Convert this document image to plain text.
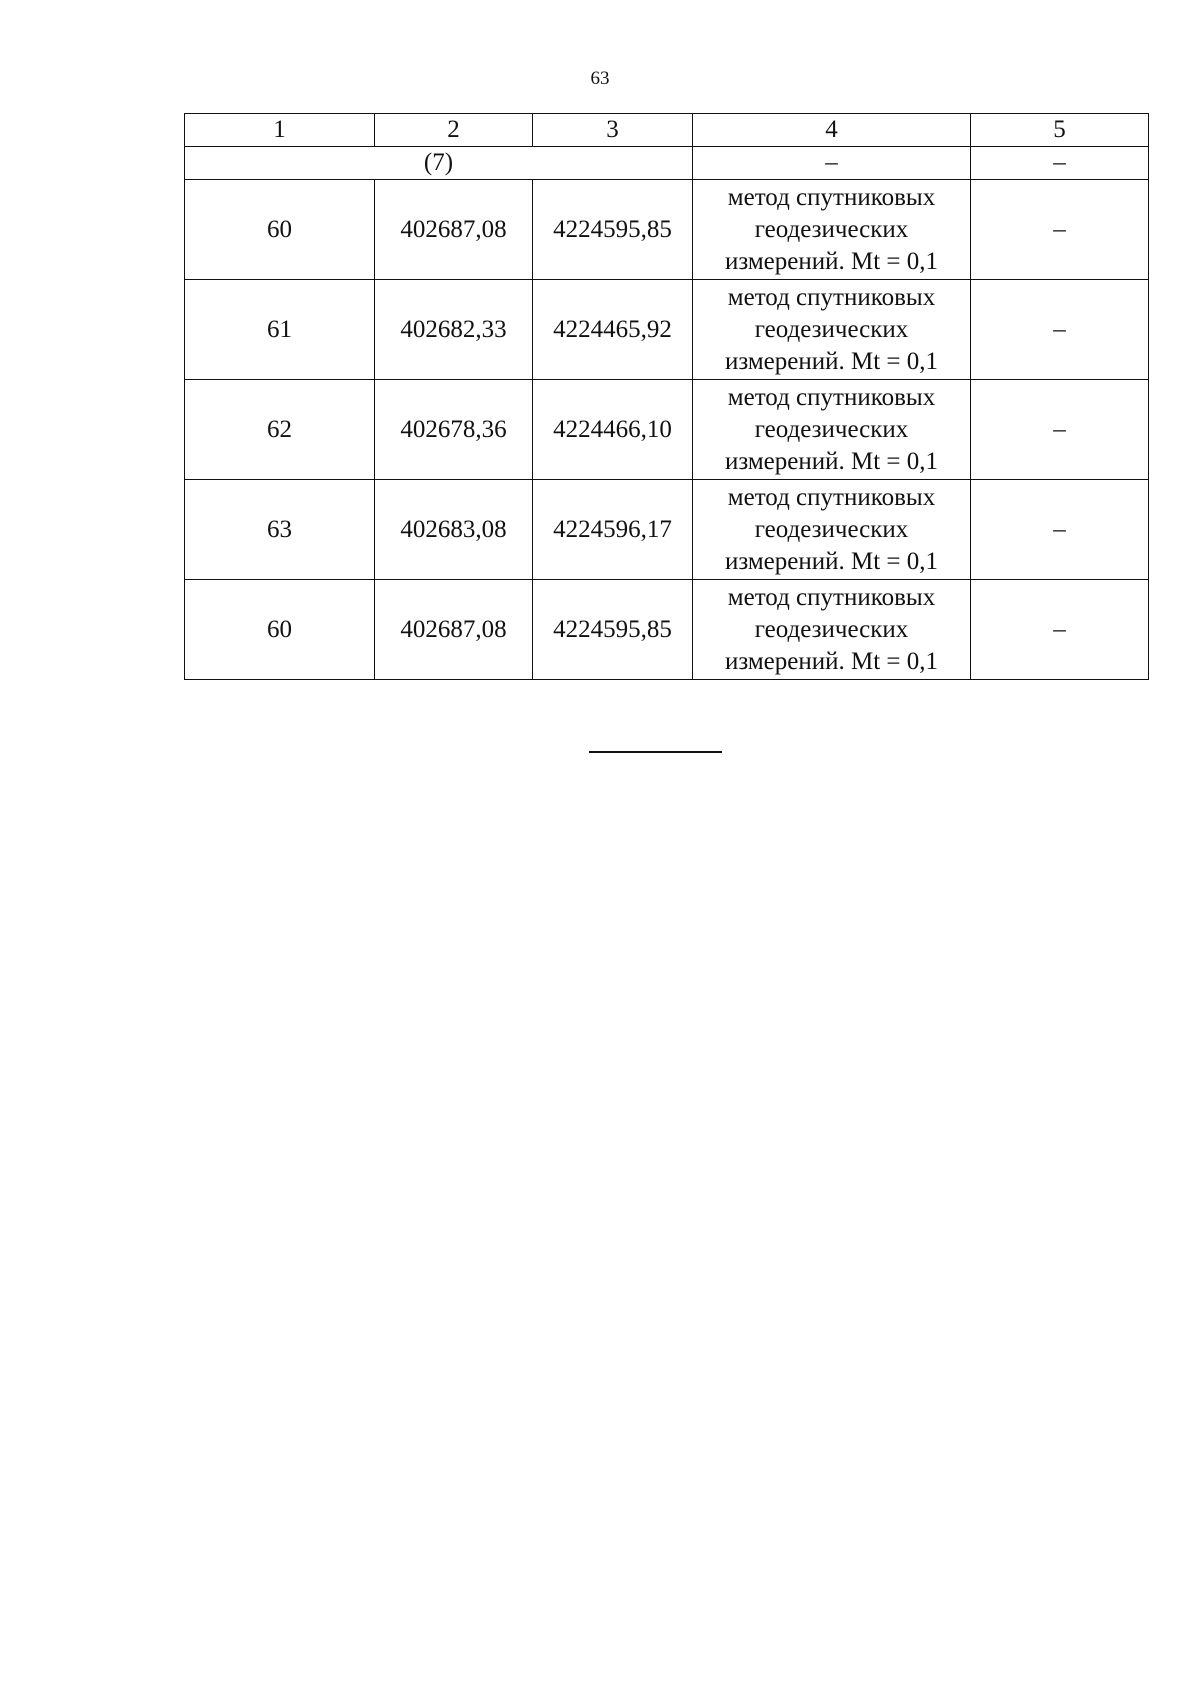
63
1	2	3	4	5
(7)			–	–
60	402687,08	4224595,85	метод спутниковых
геодезических
измерений. Mt = 0,1	–
61	402682,33	4224465,92	метод спутниковых
геодезических
измерений. Mt = 0,1	–
62	402678,36	4224466,10	метод спутниковых
геодезических
измерений. Mt = 0,1	–
63	402683,08	4224596,17	метод спутниковых
геодезических
измерений. Mt = 0,1	–
60	402687,08	4224595,85	метод спутниковых
геодезических
измерений. Mt = 0,1	–
